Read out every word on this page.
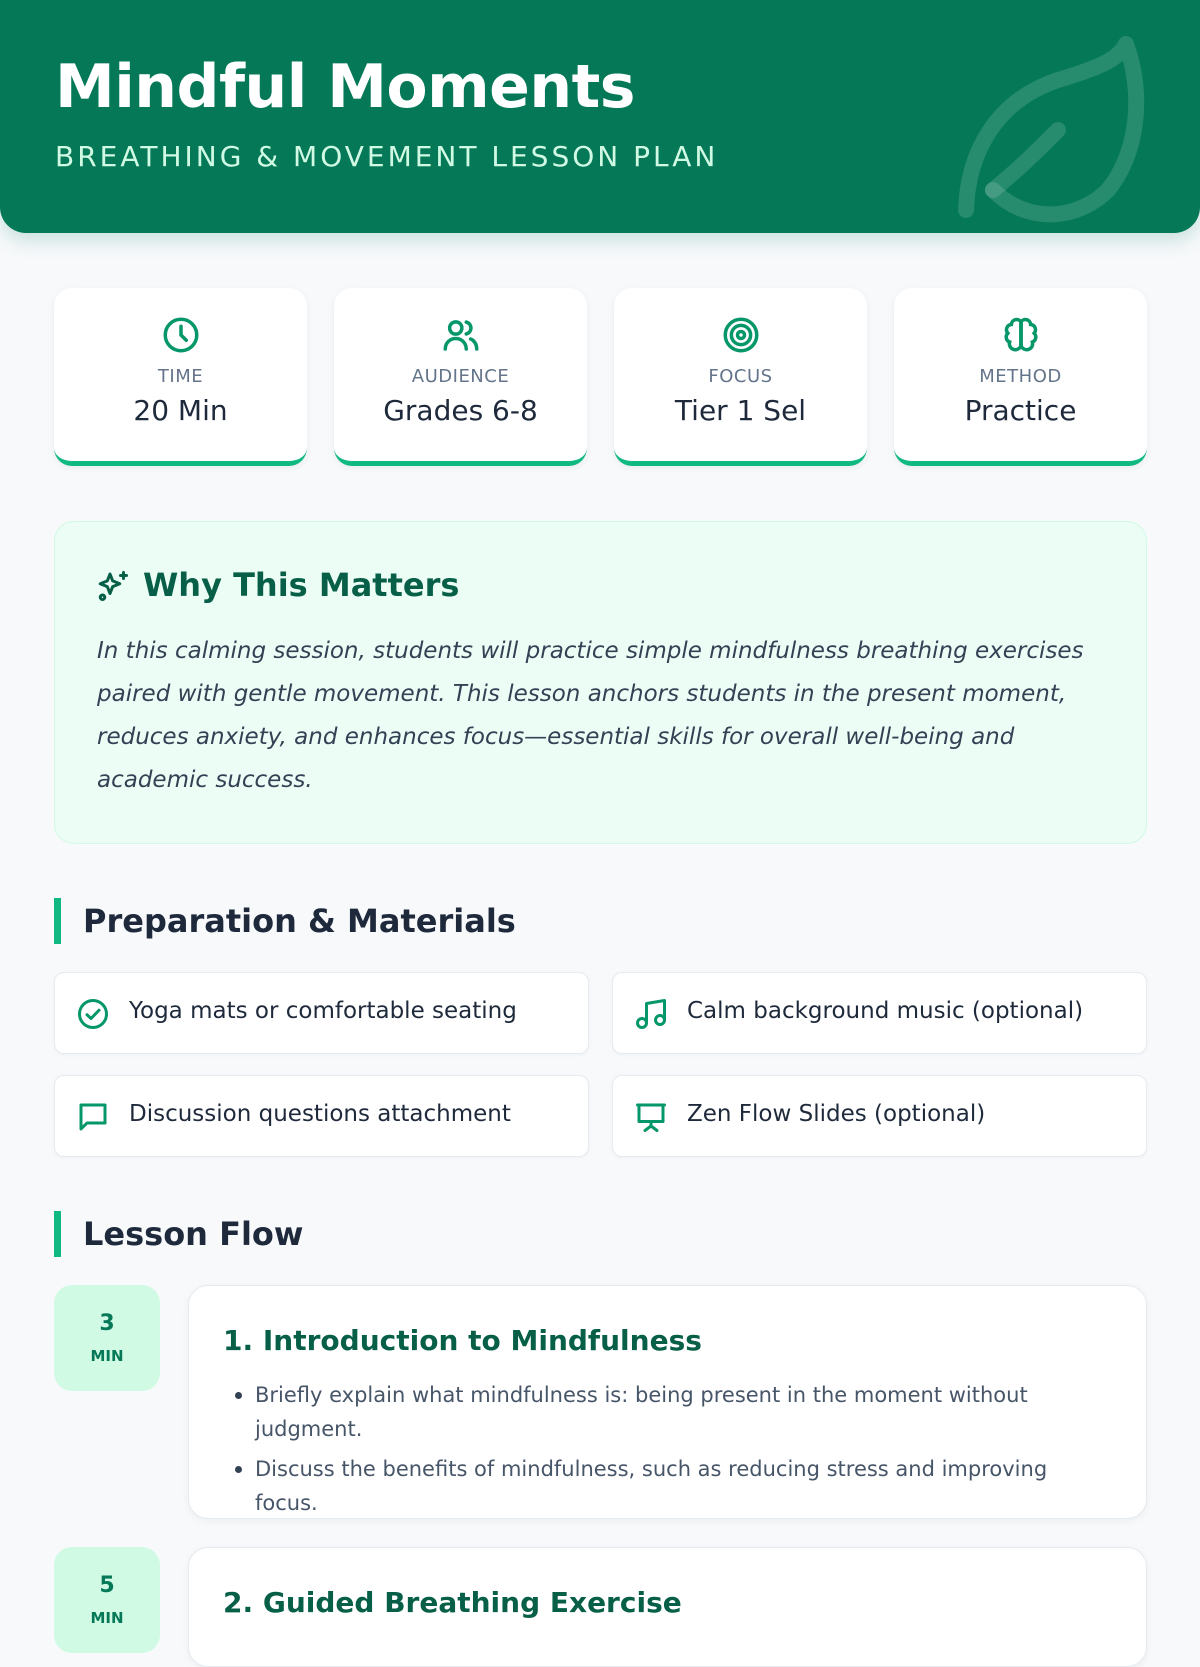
Mindful Moments
BREATHING & MOVEMENT LESSON PLAN
TIME
20 Min
AUDIENCE
Grades 6-8
FOCUS
Tier 1 Sel
METHOD
Practice
Why This Matters

In this calming session, students will practice simple mindfulness breathing exercises paired with gentle movement. This lesson anchors students in the present moment, reduces anxiety, and enhances focus—essential skills for overall well-being and academic success.

Preparation & Materials
Yoga mats or comfortable seating	Calm background music (optional)
Discussion questions attachment	Zen Flow Slides (optional)
Lesson Flow
3
MIN	1. Introduction to Mindfulness
Briefly explain what mindfulness is: being present in the moment without judgment.
Discuss the benefits of mindfulness, such as reducing stress and improving focus.
5
MIN	2. Guided Breathing Exercise
